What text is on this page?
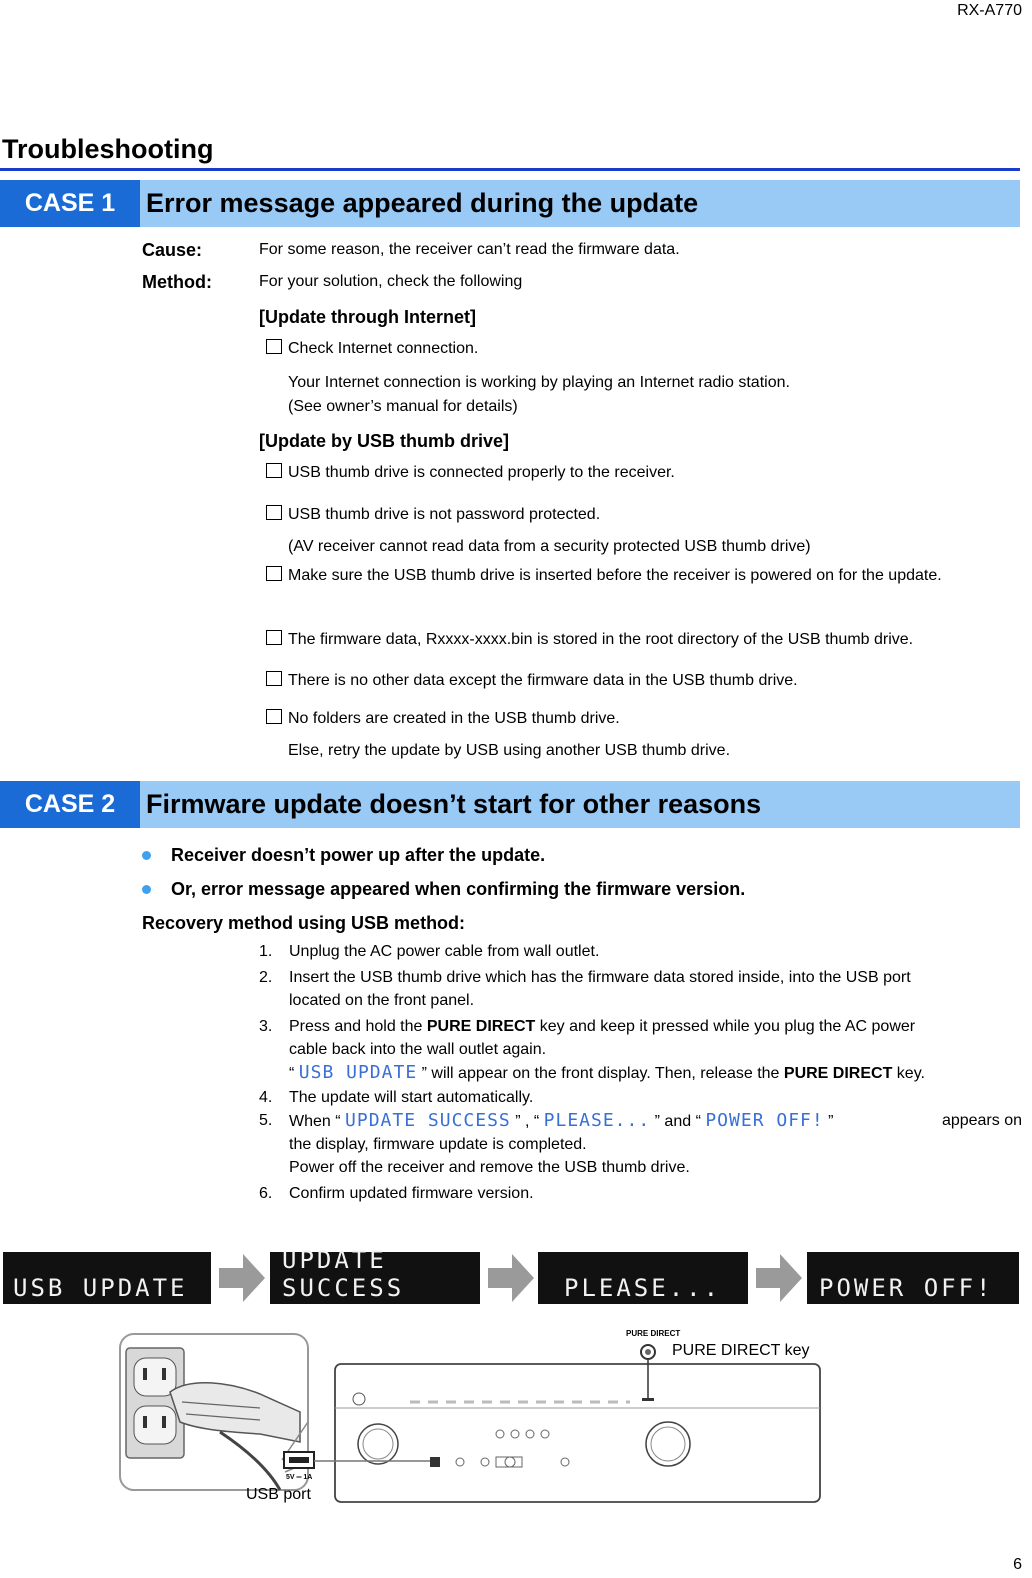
RX-A770
6
Troubleshooting
CASE 1	Error message appeared during the update
Cause:	For some reason, the receiver can’t read the firmware data.
Method:	For your solution, check the following
[Update through Internet]
Check Internet connection.
Your Internet connection is working by playing an Internet radio station.
(See owner’s manual for details)
[Update by USB thumb drive]
USB thumb drive is connected properly to the receiver.
USB thumb drive is not password protected.
(AV receiver cannot read data from a security protected USB thumb drive)
Make sure the USB thumb drive is inserted before the receiver is powered on for the update.
The firmware data, Rxxxx-xxxx.bin is stored in the root directory of the USB thumb drive.
There is no other data except the firmware data in the USB thumb drive.
No folders are created in the USB thumb drive.
Else, retry the update by USB using another USB thumb drive.
CASE 2	Firmware update doesn’t start for other reasons
Receiver doesn’t power up after the update.
Or, error message appeared when confirming the firmware version.
Recovery method using USB method:
1.	Unplug the AC power cable from wall outlet.
2.	Insert the USB thumb drive which has the firmware data stored inside, into the USB port
located on the front panel.
3.	Press and hold the PURE DIRECT key and keep it pressed while you plug the AC power
cable back into the wall outlet again.
“ USB UPDATE ” will appear on the front display. Then, release the PURE DIRECT key.
4.	The update will start automatically.
5.	When “ UPDATE SUCCESS ” , “ PLEASE... ” and “ POWER OFF! ”	appears on
the display, firmware update is completed.
Power off the receiver and remove the USB thumb drive.
6.	Confirm updated firmware version.
USB UPDATE
UPDATE SUCCESS	PLEASE...	POWER OFF!
5V ═ 1A
PURE DIRECT
USB port
PURE DIRECT key
